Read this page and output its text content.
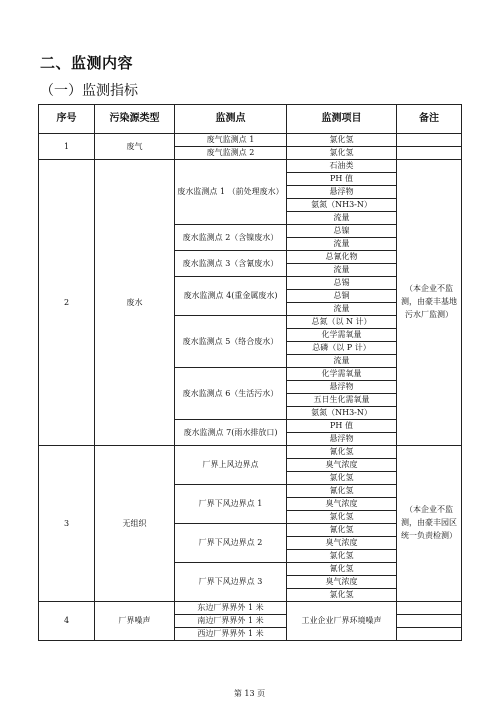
二、监测内容
（一）监测指标
序号	污染源类型	监测点	监测项目	备注
1	废气	废气监测点 1	氯化氢	
		废气监测点 2	氯化氢	
2	废水	废水监测点 1 （前处理废水）	石油类	（本企业不监测，由豪丰基地污水厂监测）
			PH 值	
			悬浮物	
			氨氮（NH3-N）	
			流量	
		废水监测点 2（含镍废水）	总镍	
			流量	
		废水监测点 3（含氰废水）	总氰化物	
			流量	
		废水监测点 4(重金属废水)	总锡	
			总铜	
			流量	
		废水监测点 5（络合废水）	总氮（以 N 计）	
			化学需氧量	
			总磷（以 P 计）	
			流量	
		废水监测点 6（生活污水）	化学需氧量	
			悬浮物	
			五日生化需氧量	
			氨氮（NH3-N）	
		废水监测点 7(雨水排放口)	PH 值	
			悬浮物	
3	无组织	厂界上风边界点	氰化氢	（本企业不监测，由豪丰园区统一负责检测）
			臭气浓度	
			氯化氢	
		厂界下风边界点 1	氰化氢	
			臭气浓度	
			氯化氢	
		厂界下风边界点 2	氰化氢	
			臭气浓度	
			氯化氢	
		厂界下风边界点 3	氰化氢	
			臭气浓度	
			氯化氢	
4	厂界噪声	东边厂界界外 1 米	工业企业厂界环境噪声	
		南边厂界界外 1 米		
		西边厂界界外 1 米		
第 13 页
